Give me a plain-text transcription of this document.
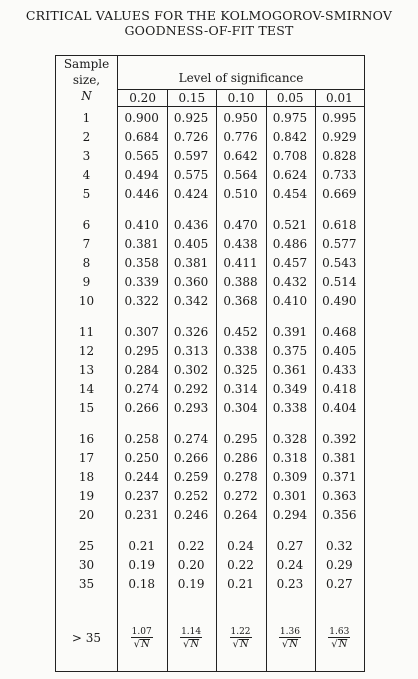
CRITICAL VALUES FOR THE KOLMOGOROV-SMIRNOV
GOODNESS-OF-FIT TEST
Sample
size,
N
Level of significance
0.20	0.15	0.10	0.05	0.01
1	0.900	0.925	0.950	0.975	0.995
2	0.684	0.726	0.776	0.842	0.929
3	0.565	0.597	0.642	0.708	0.828
4	0.494	0.575	0.564	0.624	0.733
5	0.446	0.424	0.510	0.454	0.669
6	0.410	0.436	0.470	0.521	0.618
7	0.381	0.405	0.438	0.486	0.577
8	0.358	0.381	0.411	0.457	0.543
9	0.339	0.360	0.388	0.432	0.514
10	0.322	0.342	0.368	0.410	0.490
11	0.307	0.326	0.452	0.391	0.468
12	0.295	0.313	0.338	0.375	0.405
13	0.284	0.302	0.325	0.361	0.433
14	0.274	0.292	0.314	0.349	0.418
15	0.266	0.293	0.304	0.338	0.404
16	0.258	0.274	0.295	0.328	0.392
17	0.250	0.266	0.286	0.318	0.381
18	0.244	0.259	0.278	0.309	0.371
19	0.237	0.252	0.272	0.301	0.363
20	0.231	0.246	0.264	0.294	0.356
25	0.21	0.22	0.24	0.27	0.32
30	0.19	0.20	0.22	0.24	0.29
35	0.18	0.19	0.21	0.23	0.27
> 35	$\frac{1.07}{√N} \frac{1.14}{√N} \frac{1.22}{√N} \frac{1.36}{√N} \frac{1.63}{√N}$
